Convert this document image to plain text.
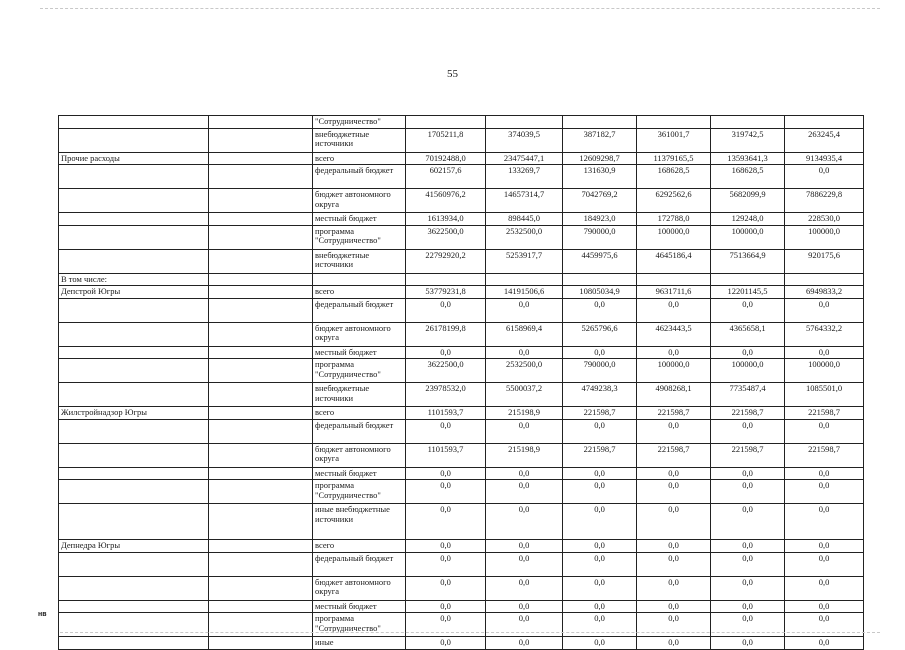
55
		"Сотрудничество"						
		внебюджетные источники	1705211,8	374039,5	387182,7	361001,7	319742,5	263245,4
Прочие расходы		всего	70192488,0	23475447,1	12609298,7	11379165,5	13593641,3	9134935,4
		федеральный бюджет	602157,6	133269,7	131630,9	168628,5	168628,5	0,0
		бюджет автономного округа	41560976,2	14657314,7	7042769,2	6292562,6	5682099,9	7886229,8
		местный бюджет	1613934,0	898445,0	184923,0	172788,0	129248,0	228530,0
		программа "Сотрудничество"	3622500,0	2532500,0	790000,0	100000,0	100000,0	100000,0
		внебюджетные источники	22792920,2	5253917,7	4459975,6	4645186,4	7513664,9	920175,6
В том числе:								
Депстрой Югры		всего	53779231,8	14191506,6	10805034,9	9631711,6	12201145,5	6949833,2
		федеральный бюджет	0,0	0,0	0,0	0,0	0,0	0,0
		бюджет автономного округа	26178199,8	6158969,4	5265796,6	4623443,5	4365658,1	5764332,2
		местный бюджет	0,0	0,0	0,0	0,0	0,0	0,0
		программа "Сотрудничество"	3622500,0	2532500,0	790000,0	100000,0	100000,0	100000,0
		внебюджетные источники	23978532,0	5500037,2	4749238,3	4908268,1	7735487,4	1085501,0
Жилстройнадзор Югры		всего	1101593,7	215198,9	221598,7	221598,7	221598,7	221598,7
		федеральный бюджет	0,0	0,0	0,0	0,0	0,0	0,0
		бюджет автономного округа	1101593,7	215198,9	221598,7	221598,7	221598,7	221598,7
		местный бюджет	0,0	0,0	0,0	0,0	0,0	0,0
		программа "Сотрудничество"	0,0	0,0	0,0	0,0	0,0	0,0
		иные внебюджетные источники	0,0	0,0	0,0	0,0	0,0	0,0
Депнедра Югры		всего	0,0	0,0	0,0	0,0	0,0	0,0
		федеральный бюджет	0,0	0,0	0,0	0,0	0,0	0,0
		бюджет автономного округа	0,0	0,0	0,0	0,0	0,0	0,0
		местный бюджет	0,0	0,0	0,0	0,0	0,0	0,0
		программа "Сотрудничество"	0,0	0,0	0,0	0,0	0,0	0,0
		иные	0,0	0,0	0,0	0,0	0,0	0,0
нв
